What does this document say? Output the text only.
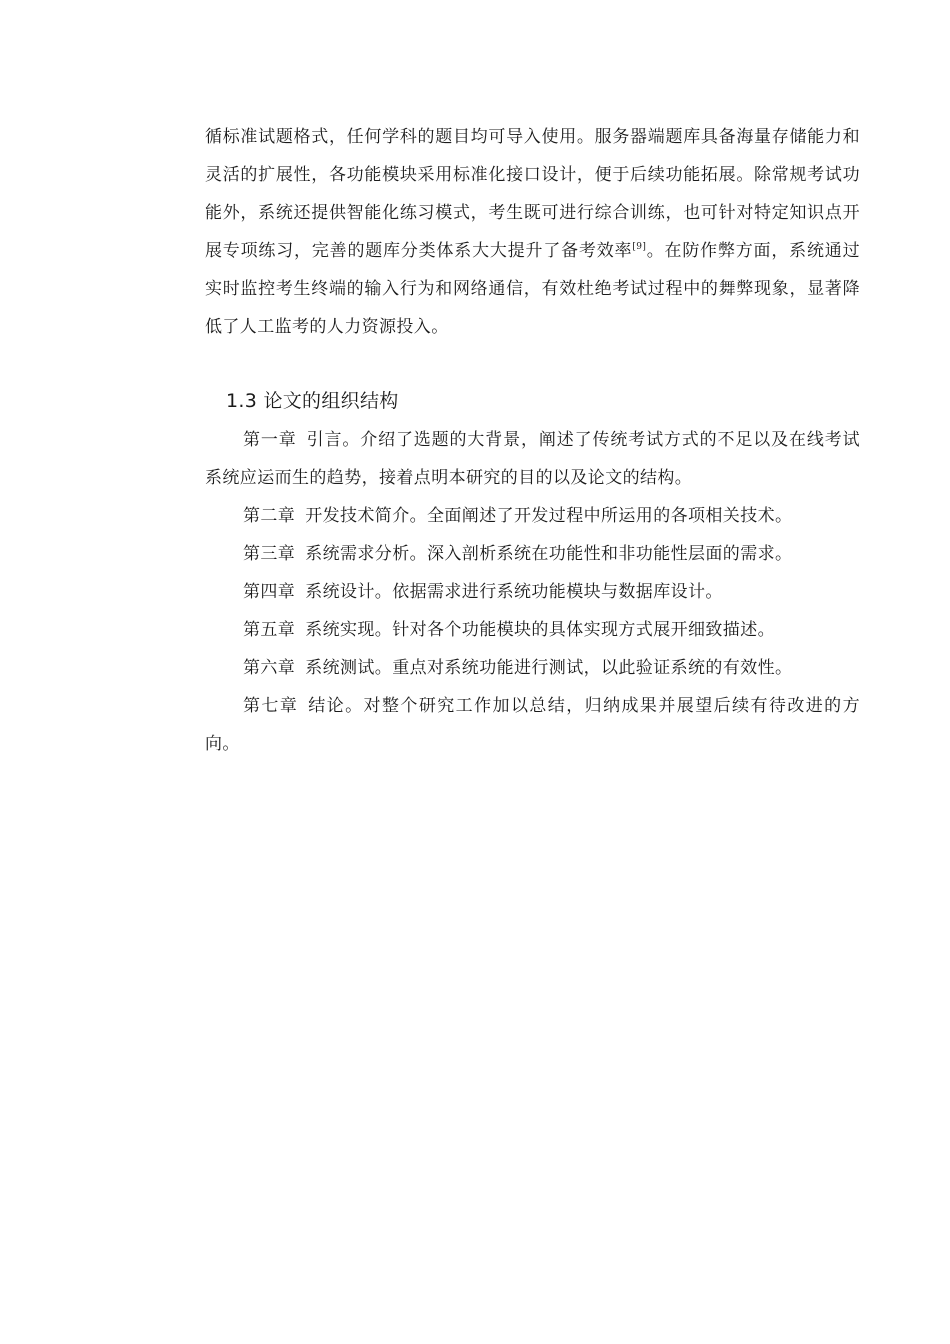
循标准试题格式，任何学科的题目均可导入使用。服务器端题库具备海量存储能力和灵活的扩展性，各功能模块采用标准化接口设计，便于后续功能拓展。除常规考试功能外，系统还提供智能化练习模式，考生既可进行综合训练，也可针对特定知识点开展专项练习，完善的题库分类体系大大提升了备考效率[9]。在防作弊方面，系统通过实时监控考生终端的输入行为和网络通信，有效杜绝考试过程中的舞弊现象，显著降低了人工监考的人力资源投入。

1.3 论文的组织结构

第一章 引言。介绍了选题的大背景，阐述了传统考试方式的不足以及在线考试系统应运而生的趋势，接着点明本研究的目的以及论文的结构。

第二章 开发技术简介。全面阐述了开发过程中所运用的各项相关技术。

第三章 系统需求分析。深入剖析系统在功能性和非功能性层面的需求。

第四章 系统设计。依据需求进行系统功能模块与数据库设计。

第五章 系统实现。针对各个功能模块的具体实现方式展开细致描述。

第六章 系统测试。重点对系统功能进行测试，以此验证系统的有效性。

第七章 结论。对整个研究工作加以总结，归纳成果并展望后续有待改进的方向。
